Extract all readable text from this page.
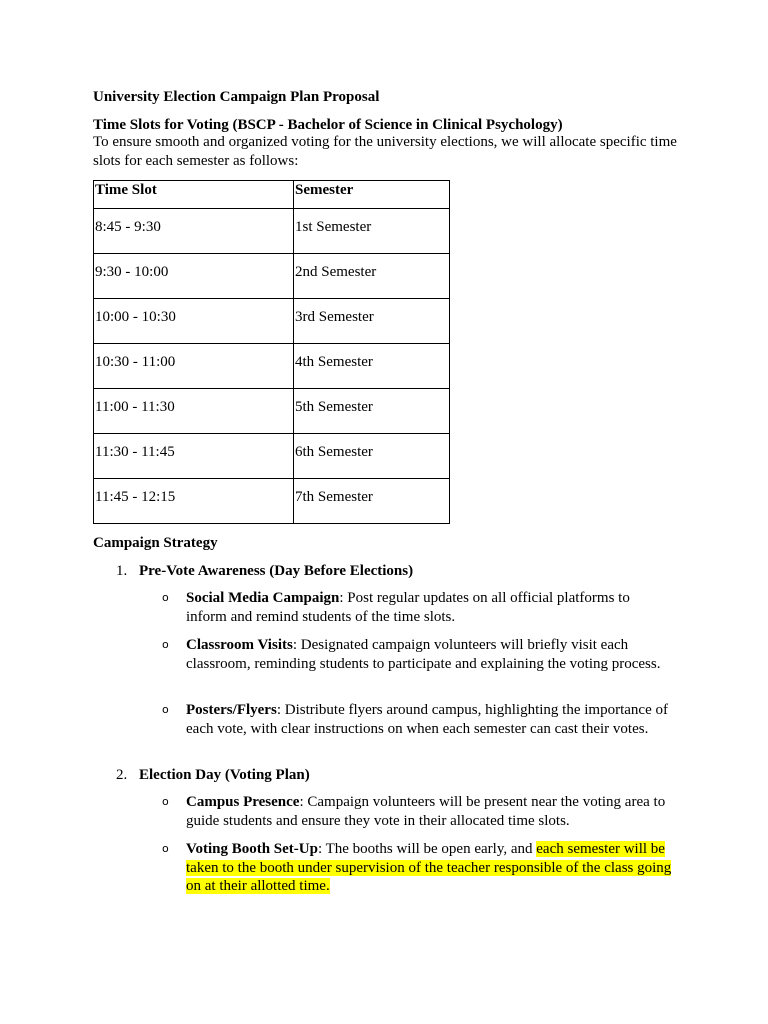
University Election Campaign Plan Proposal
Time Slots for Voting (BSCP - Bachelor of Science in Clinical Psychology)
To ensure smooth and organized voting for the university elections, we will allocate specific time slots for each semester as follows:
Time Slot	Semester
8:45 - 9:30	1st Semester
9:30 - 10:00	2nd Semester
10:00 - 10:30	3rd Semester
10:30 - 11:00	4th Semester
11:00 - 11:30	5th Semester
11:30 - 11:45	6th Semester
11:45 - 12:15	7th Semester
Campaign Strategy
1. Pre-Vote Awareness (Day Before Elections)
o Social Media Campaign: Post regular updates on all official platforms to inform and remind students of the time slots.
o Classroom Visits: Designated campaign volunteers will briefly visit each classroom, reminding students to participate and explaining the voting process.
o Posters/Flyers: Distribute flyers around campus, highlighting the importance of each vote, with clear instructions on when each semester can cast their votes.
2. Election Day (Voting Plan)
o Campus Presence: Campaign volunteers will be present near the voting area to guide students and ensure they vote in their allocated time slots.
o Voting Booth Set-Up: The booths will be open early, and each semester will be taken to the booth under supervision of the teacher responsible of the class going on at their allotted time.
